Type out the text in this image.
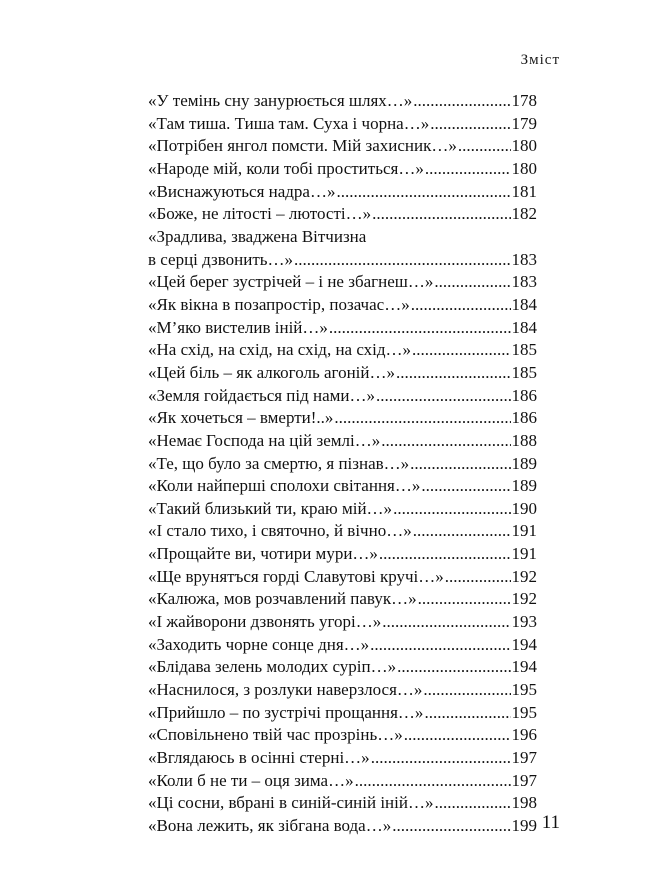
Зміст
«У темінь сну занурюється шлях…» .....	178
«Там тиша. Тиша там. Суха і чорна…» .....	179
«Потрібен янгол помсти. Мій захисник…» .....	180
«Народе мій, коли тобі проститься…» .....	180
«Виснажуються надра…» .....	181
«Боже, не літості – лютості…» .....	182
«Зрадлива, зваджена Вітчизна
в серці дзвонить…» .....	183
«Цей берег зустрічей – і не збагнеш…» .....	183
«Як вікна в позапростір, позачас…» .....	184
«М’яко вистелив іній…» .....	184
«На схід, на схід, на схід, на схід…» .....	185
«Цей біль – як алкоголь агоній…» .....	185
«Земля гойдається під нами…» .....	186
«Як хочеться – вмерти!..» .....	186
«Немає Господа на цій землі…» .....	188
«Те, що було за смертю, я пізнав…» .....	189
«Коли найперші сполохи світання…» .....	189
«Такий близький ти, краю мій…» .....	190
«І стало тихо, і святочно, й вічно…» .....	191
«Прощайте ви, чотири мури…» .....	191
«Ще врунятъся горді Славутові кручі…» .....	192
«Калюжа, мов розчавлений павук…» .....	192
«І жайворони дзвонять угорі…» .....	193
«Заходить чорне сонце дня…» .....	194
«Блідава зелень молодих суріп…» .....	194
«Наснилося, з розлуки наверзлося…» .....	195
«Прийшло – по зустрічі прощання…» .....	195
«Сповільнено твій час прозрінь…» .....	196
«Вглядаюсь в осінні стерні…» .....	197
«Коли б не ти – оця зима…» .....	197
«Ці сосни, вбрані в синій-синій іній…» .....	198
«Вона лежить, як зібгана вода…» .....	199 11
